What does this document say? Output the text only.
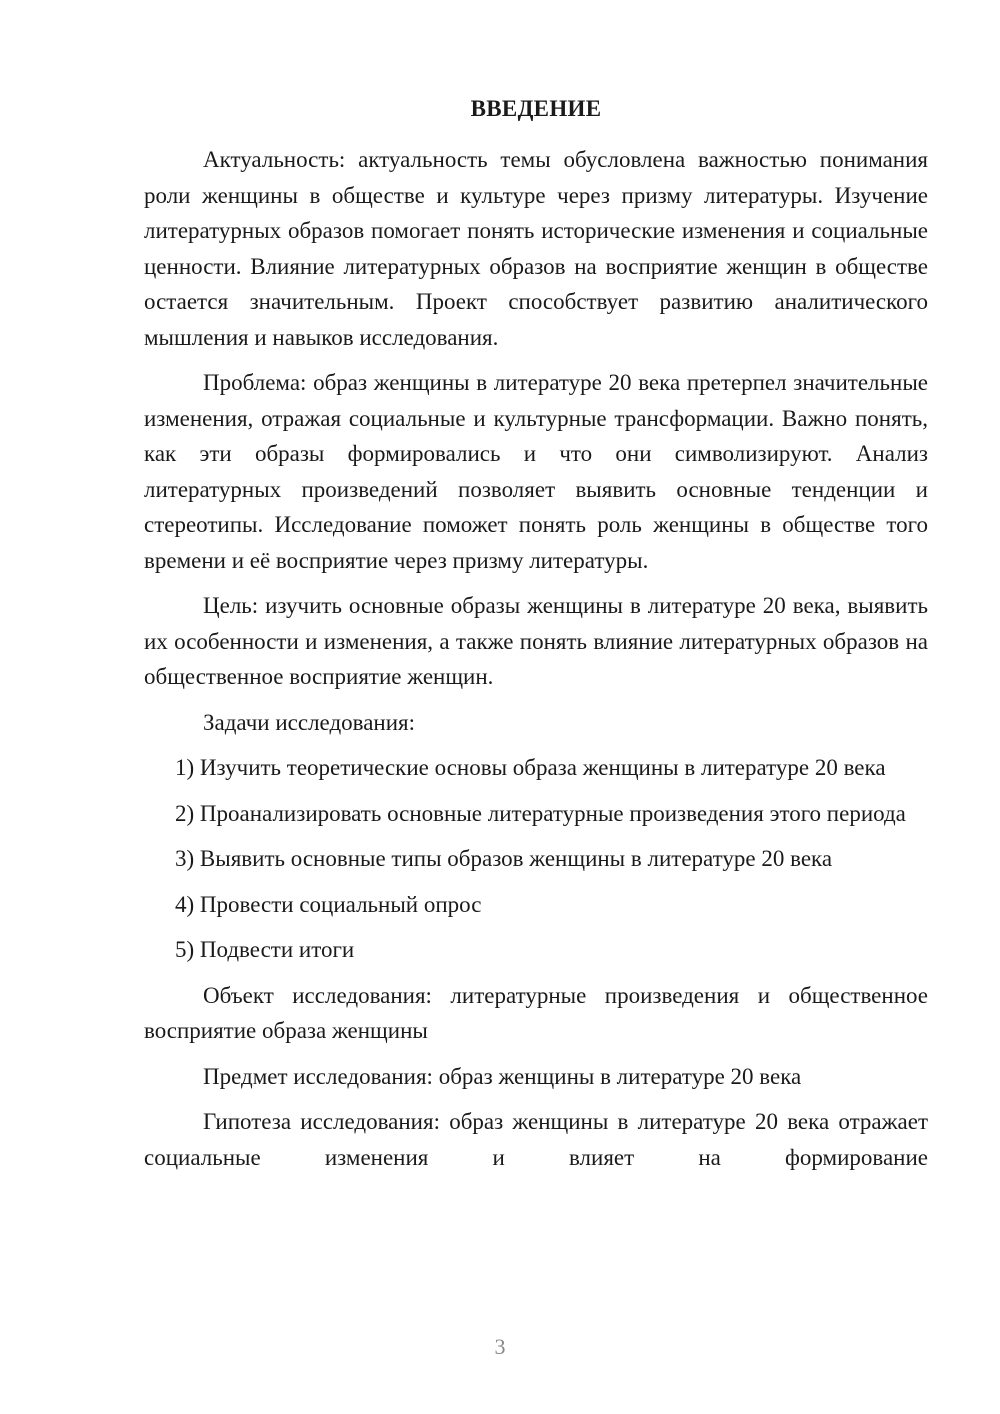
ВВЕДЕНИЕ

Актуальность: актуальность темы обусловлена важностью понимания роли женщины в обществе и культуре через призму литературы. Изучение литературных образов помогает понять исторические изменения и социальные ценности. Влияние литературных образов на восприятие женщин в обществе остается значительным. Проект способствует развитию аналитического мышления и навыков исследования.

Проблема: образ женщины в литературе 20 века претерпел значительные изменения, отражая социальные и культурные трансформации. Важно понять, как эти образы формировались и что они символизируют. Анализ литературных произведений позволяет выявить основные тенденции и стереотипы. Исследование поможет понять роль женщины в обществе того времени и её восприятие через призму литературы.

Цель: изучить основные образы женщины в литературе 20 века, выявить их особенности и изменения, а также понять влияние литературных образов на общественное восприятие женщин.

Задачи исследования:

1) Изучить теоретические основы образа женщины в литературе 20 века

2) Проанализировать основные литературные произведения этого периода

3) Выявить основные типы образов женщины в литературе 20 века

4) Провести социальный опрос

5) Подвести итоги

Объект исследования: литературные произведения и общественное восприятие образа женщины

Предмет исследования: образ женщины в литературе 20 века

Гипотеза исследования: образ женщины в литературе 20 века отражает социальные изменения и влияет на формирование

3
